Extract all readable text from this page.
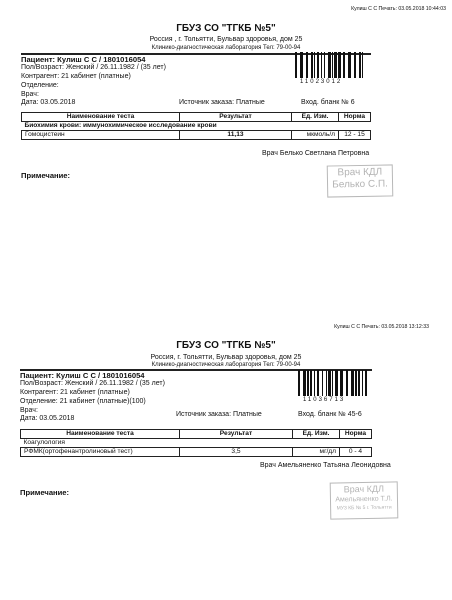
Кулиш С С Печать: 03.05.2018 10:44:03
ГБУЗ СО "ТГКБ №5"
Россия , г. Тольятти, Бульвар здоровья, дом 25
Клинико-диагностическая лаборатория Тел: 79-00-94
Пациент: Кулиш С С / 1801016054
Пол/Возраст: Женский / 26.11.1982 / (35 лет)
Контрагент: 21 кабинет (платные)
Отделение:
Врач:
Дата: 03.05.2018	Источник заказа: Платные	Вход. бланк № 6
11023012
Наименование теста	Результат	Ед. Изм.	Норма
Биохимия крови: иммунохимическое исследование крови			
Гомоцистеин	11,13	мкмоль/л	12 - 15
Врач Белько Светлана Петровна
Примечание:	Врач КДЛ
Белько С.П.
Кулиш С С Печать: 03.05.2018 13:12:33
ГБУЗ СО "ТГКБ №5"
Россия, г. Тольятти, Бульвар здоровья, дом 25
Клинико-диагностическая лаборатория Тел: 79-00-94
Пациент: Кулиш С С / 1801016054
Пол/Возраст: Женский / 26.11.1982 / (35 лет)
Контрагент: 21 кабинет (платные)
Отделение: 21 кабинет (платные)(100)
Врач:
Дата: 03.05.2018
Источник заказа: Платные	Вход. бланк № 45-6
11036713
Наименование теста	Результат	Ед. Изм.	Норма
Коагулология			
РФМК(ортофенантролиновый тест)	3,5	мг/дл	0 - 4
Врач Амельяненко Татьяна Леонидовна
Примечание:	Врач КДЛ
Амельяненко Т.Л.
МУЗ КБ № 5 г. Тольятти
